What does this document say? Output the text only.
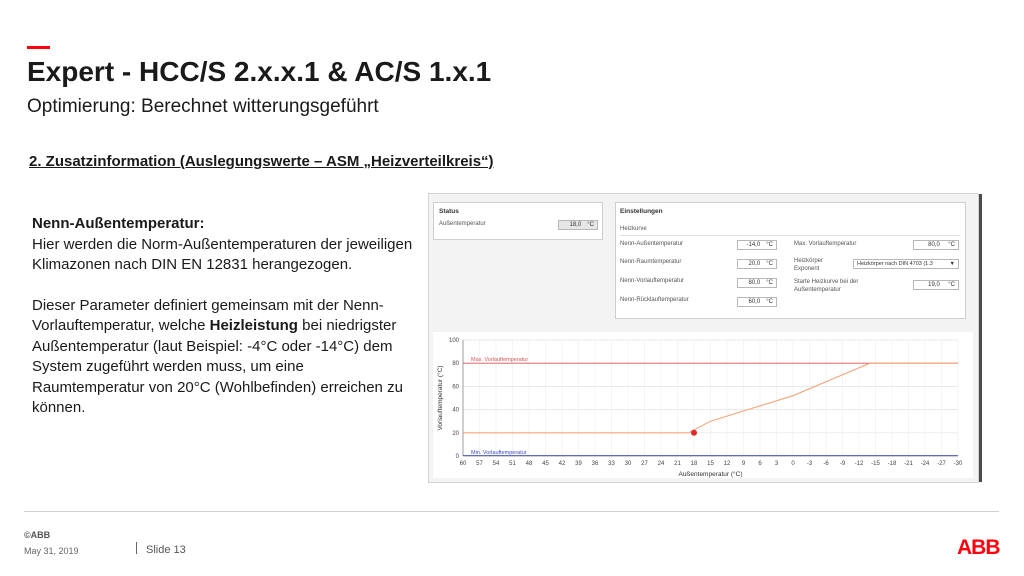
Expert - HCC/S 2.x.x.1 & AC/S 1.x.1
Optimierung: Berechnet witterungsgeführt
2. Zusatzinformation (Auslegungswerte – ASM „Heizverteilkreis“)

Nenn-Außentemperatur:

Hier werden die Norm-Außentemperaturen der jeweiligen Klimazonen nach DIN EN 12831 herangezogen.

Dieser Parameter definiert gemeinsam mit der Nenn-Vorlauftemperatur, welche Heizleistung bei niedrigster Außentemperatur (laut Beispiel: -4°C oder -14°C) dem System zugeführt werden muss, um eine Raumtemperatur von 20°C (Wohlbefinden) erreichen zu können.

Status
Außentemperatur	18,0 °C
Einstellungen
Heizkurve
Nenn-Außentemperatur	-14,0 °C
Nenn-Raumtemperatur	20,0 °C
Nenn-Vorlauftemperatur	80,0 °C
Nenn-Rücklauftemperatur	60,0 °C
Max. Vorlauftemperatur	80,0 °C
Heizkörper
Exponent
Heizkörper nach DIN 4703 (1.3	▼
Starte Heizkurve bei der
Außentemperatur
19,0 °C
0
20
40
60
80
100
60 57 54 51 48 45 42 39 36 33 30 27 24 21 18 15 12 9 6 3 0 -3 -6 -9 -12 -15 -18 -21 -24 -27 -30
Max. Vorlauftemperatur
Min. Vorlauftemperatur
Außentemperatur (°C)
Vorlauftemperatur (°C)
©ABB
May 31, 2019	Slide 13	ABB
